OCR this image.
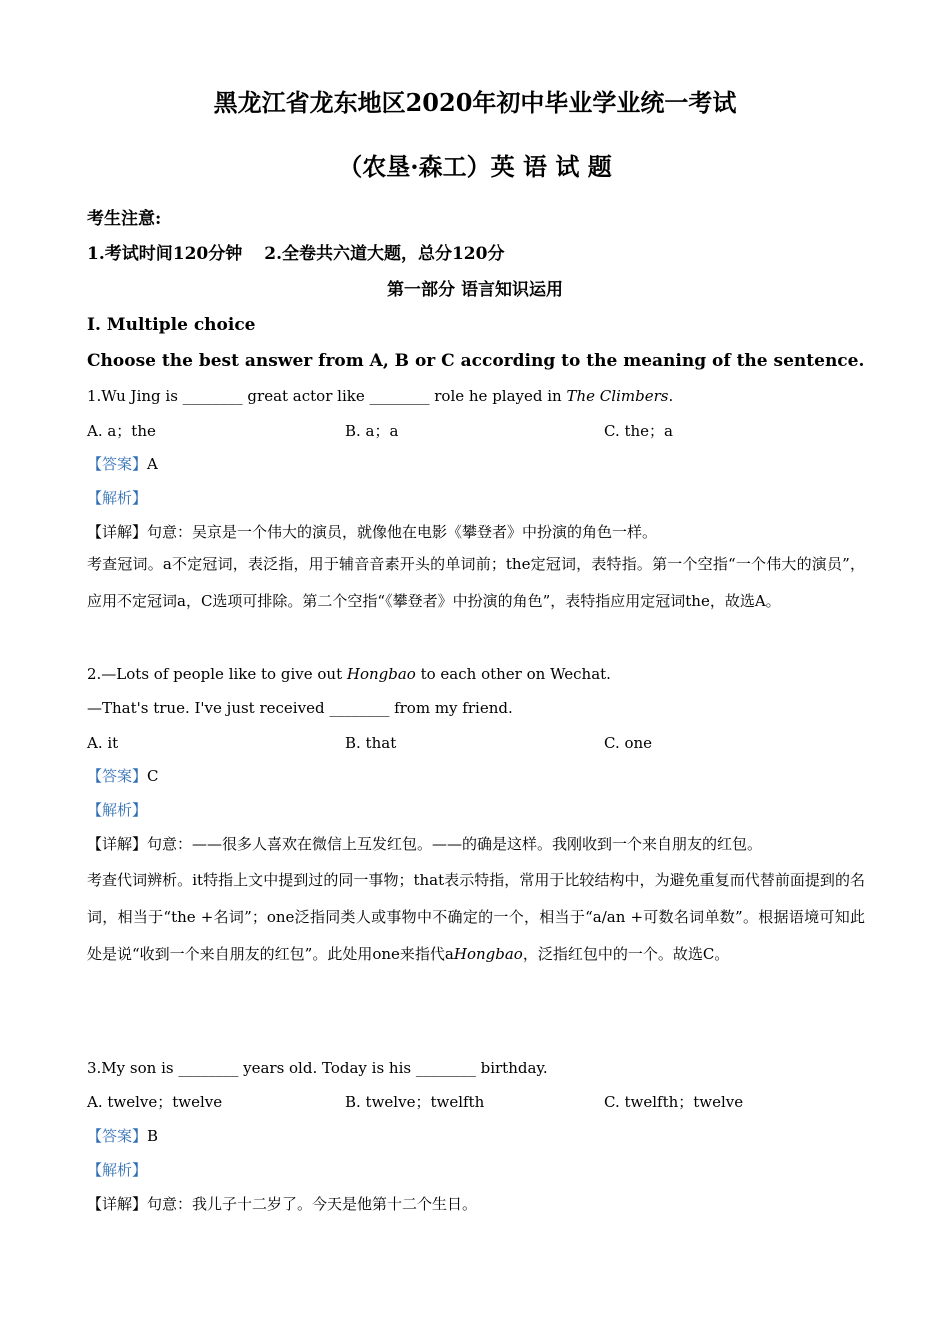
黑龙江省龙东地区2020年初中毕业学业统一考试
（农垦·森工）英 语 试 题
考生注意:
1.考试时间120分钟 2.全卷共六道大题，总分120分
第一部分 语言知识运用
I. Multiple choice
Choose the best answer from A, B or C according to the meaning of the sentence.
1.Wu Jing is ________ great actor like ________ role he played in The Climbers.
A. a；the	B. a；a	C. the；a
【答案】A
【解析】
【详解】句意：吴京是一个伟大的演员，就像他在电影《攀登者》中扮演的角色一样。
考查冠词。a不定冠词，表泛指，用于辅音音素开头的单词前；the定冠词，表特指。第一个空指“一个伟大的演员”，应用不定冠词a，C选项可排除。第二个空指“《攀登者》中扮演的角色”，表特指应用定冠词the，故选A。
2.—Lots of people like to give out Hongbao to each other on Wechat.
—That's true. I've just received ________ from my friend.
A. it	B. that	C. one
【答案】C
【解析】
【详解】句意：——很多人喜欢在微信上互发红包。——的确是这样。我刚收到一个来自朋友的红包。
考查代词辨析。it特指上文中提到过的同一事物；that表示特指，常用于比较结构中，为避免重复而代替前面提到的名词，相当于“the +名词”；one泛指同类人或事物中不确定的一个，相当于“a/an +可数名词单数”。根据语境可知此处是说“收到一个来自朋友的红包”。此处用one来指代aHongbao，泛指红包中的一个。故选C。
3.My son is ________ years old. Today is his ________ birthday.
A. twelve；twelve	B. twelve；twelfth	C. twelfth；twelve
【答案】B
【解析】
【详解】句意：我儿子十二岁了。今天是他第十二个生日。
